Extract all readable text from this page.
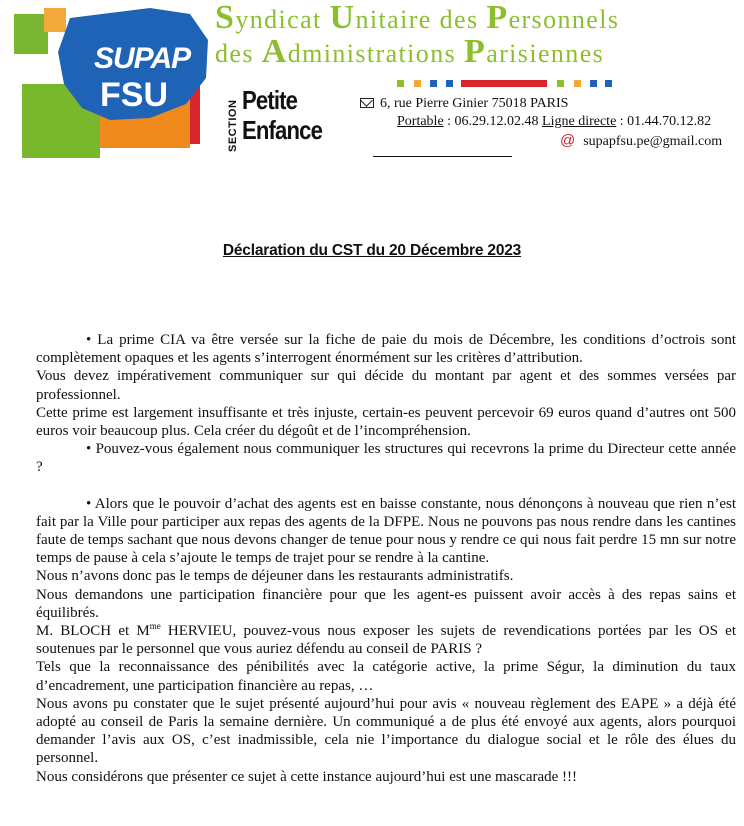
SUPAP
FSU
SECTION Petite
Enfance
Syndicat Unitaire des Personnels
des Administrations Parisiennes
6, rue Pierre Ginier 75018 PARIS
Portable : 06.29.12.02.48 Ligne directe : 01.44.70.12.82
@ supapfsu.pe@gmail.com
Déclaration du CST du 20 Décembre 2023

• La prime CIA va être versée sur la fiche de paie du mois de Décembre, les conditions d’octrois sont complètement opaques et les agents s’interrogent énormément sur les critères d’attribution.

Vous devez impérativement communiquer sur qui décide du montant par agent et des sommes versées par professionnel.

Cette prime est largement insuffisante et très injuste, certain-es peuvent percevoir 69 euros quand d’autres ont 500 euros voir beaucoup plus. Cela créer du dégoût et de l’incompréhension.

• Pouvez-vous également nous communiquer les structures qui recevrons la prime du Directeur cette année ?

• Alors que le pouvoir d’achat des agents est en baisse constante, nous dénonçons à nouveau que rien n’est fait par la Ville pour participer aux repas des agents de la DFPE. Nous ne pouvons pas nous rendre dans les cantines faute de temps sachant que nous devons changer de tenue pour nous y rendre ce qui nous fait perdre 15 mn sur notre temps de pause à cela s’ajoute le temps de trajet pour se rendre à la cantine.

Nous n’avons donc pas le temps de déjeuner dans les restaurants administratifs.

Nous demandons une participation financière pour que les agent-es puissent avoir accès à des repas sains et équilibrés.

M. BLOCH et $M^{me}$ HERVIEU, pouvez-vous nous exposer les sujets de revendications portées par les OS et soutenues par le personnel que vous auriez défendu au conseil de PARIS ?

Tels que la reconnaissance des pénibilités avec la catégorie active, la prime Ségur, la diminution du taux d’encadrement, une participation financière au repas, …

Nous avons pu constater que le sujet présenté aujourd’hui pour avis « nouveau règlement des EAPE » a déjà été adopté au conseil de Paris la semaine dernière. Un communiqué a de plus été envoyé aux agents, alors pourquoi demander l’avis aux OS, c’est inadmissible, cela nie l’importance du dialogue social et le rôle des élues du personnel.

Nous considérons que présenter ce sujet à cette instance aujourd’hui est une mascarade !!!
